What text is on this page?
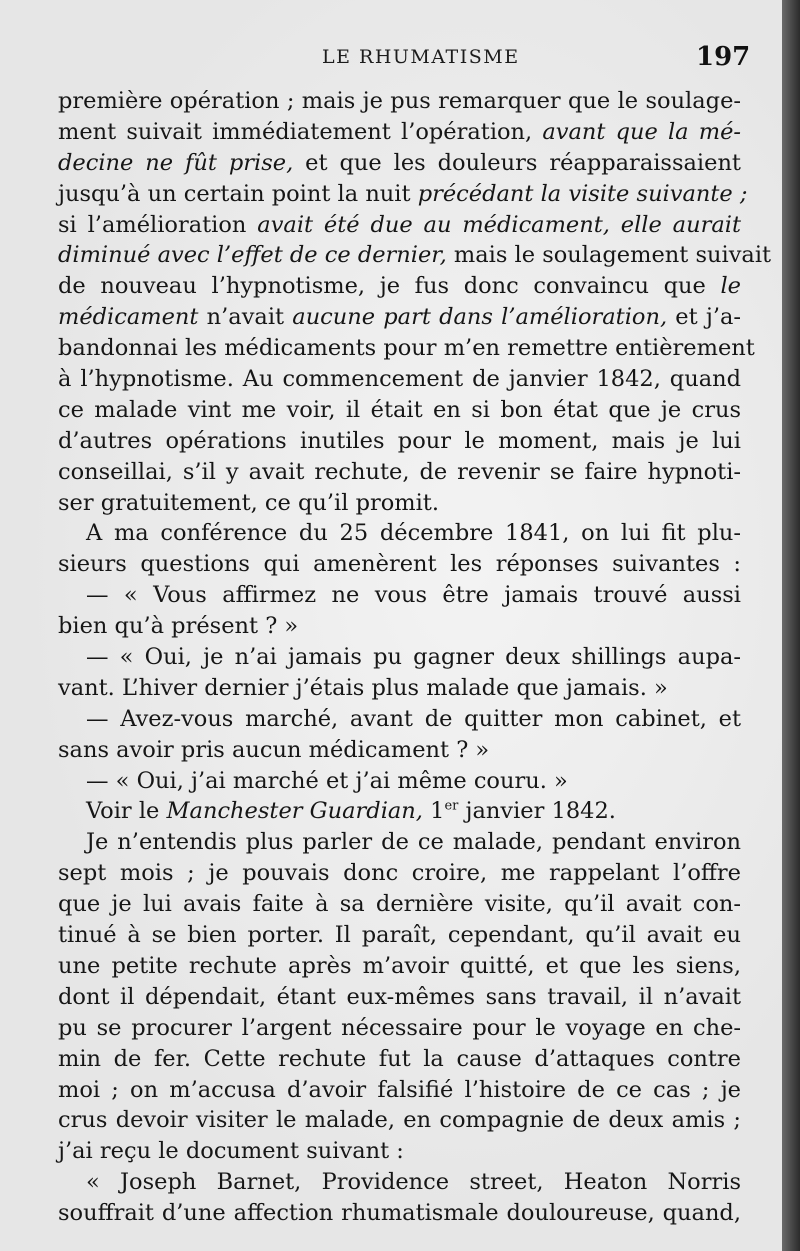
LE RHUMATISME	197
première opération ; mais je pus remarquer que le soulage-
ment suivait immédiatement l’opération, avant que la mé-
decine ne fût prise, et que les douleurs réapparaissaient
jusqu’à un certain point la nuit précédant la visite suivante ;
si l’amélioration avait été due au médicament, elle aurait
diminué avec l’effet de ce dernier, mais le soulagement suivait
de nouveau l’hypnotisme, je fus donc convaincu que le
médicament n’avait aucune part dans l’amélioration, et j’a-
bandonnai les médicaments pour m’en remettre entièrement
à l’hypnotisme. Au commencement de janvier 1842, quand
ce malade vint me voir, il était en si bon état que je crus
d’autres opérations inutiles pour le moment, mais je lui
conseillai, s’il y avait rechute, de revenir se faire hypnoti-
ser gratuitement, ce qu’il promit.
A ma conférence du 25 décembre 1841, on lui fit plu-
sieurs questions qui amenèrent les réponses suivantes :
— « Vous affirmez ne vous être jamais trouvé aussi
bien qu’à présent ? »
— « Oui, je n’ai jamais pu gagner deux shillings aupa-
vant. L’hiver dernier j’étais plus malade que jamais. »
— Avez-vous marché, avant de quitter mon cabinet, et
sans avoir pris aucun médicament ? »
— « Oui, j’ai marché et j’ai même couru. »
Voir le Manchester Guardian, 1er janvier 1842.
Je n’entendis plus parler de ce malade, pendant environ
sept mois ; je pouvais donc croire, me rappelant l’offre
que je lui avais faite à sa dernière visite, qu’il avait con-
tinué à se bien porter. Il paraît, cependant, qu’il avait eu
une petite rechute après m’avoir quitté, et que les siens,
dont il dépendait, étant eux-mêmes sans travail, il n’avait
pu se procurer l’argent nécessaire pour le voyage en che-
min de fer. Cette rechute fut la cause d’attaques contre
moi ; on m’accusa d’avoir falsifié l’histoire de ce cas ; je
crus devoir visiter le malade, en compagnie de deux amis ;
j’ai reçu le document suivant :
« Joseph Barnet, Providence street, Heaton Norris
souffrait d’une affection rhumatismale douloureuse, quand,
